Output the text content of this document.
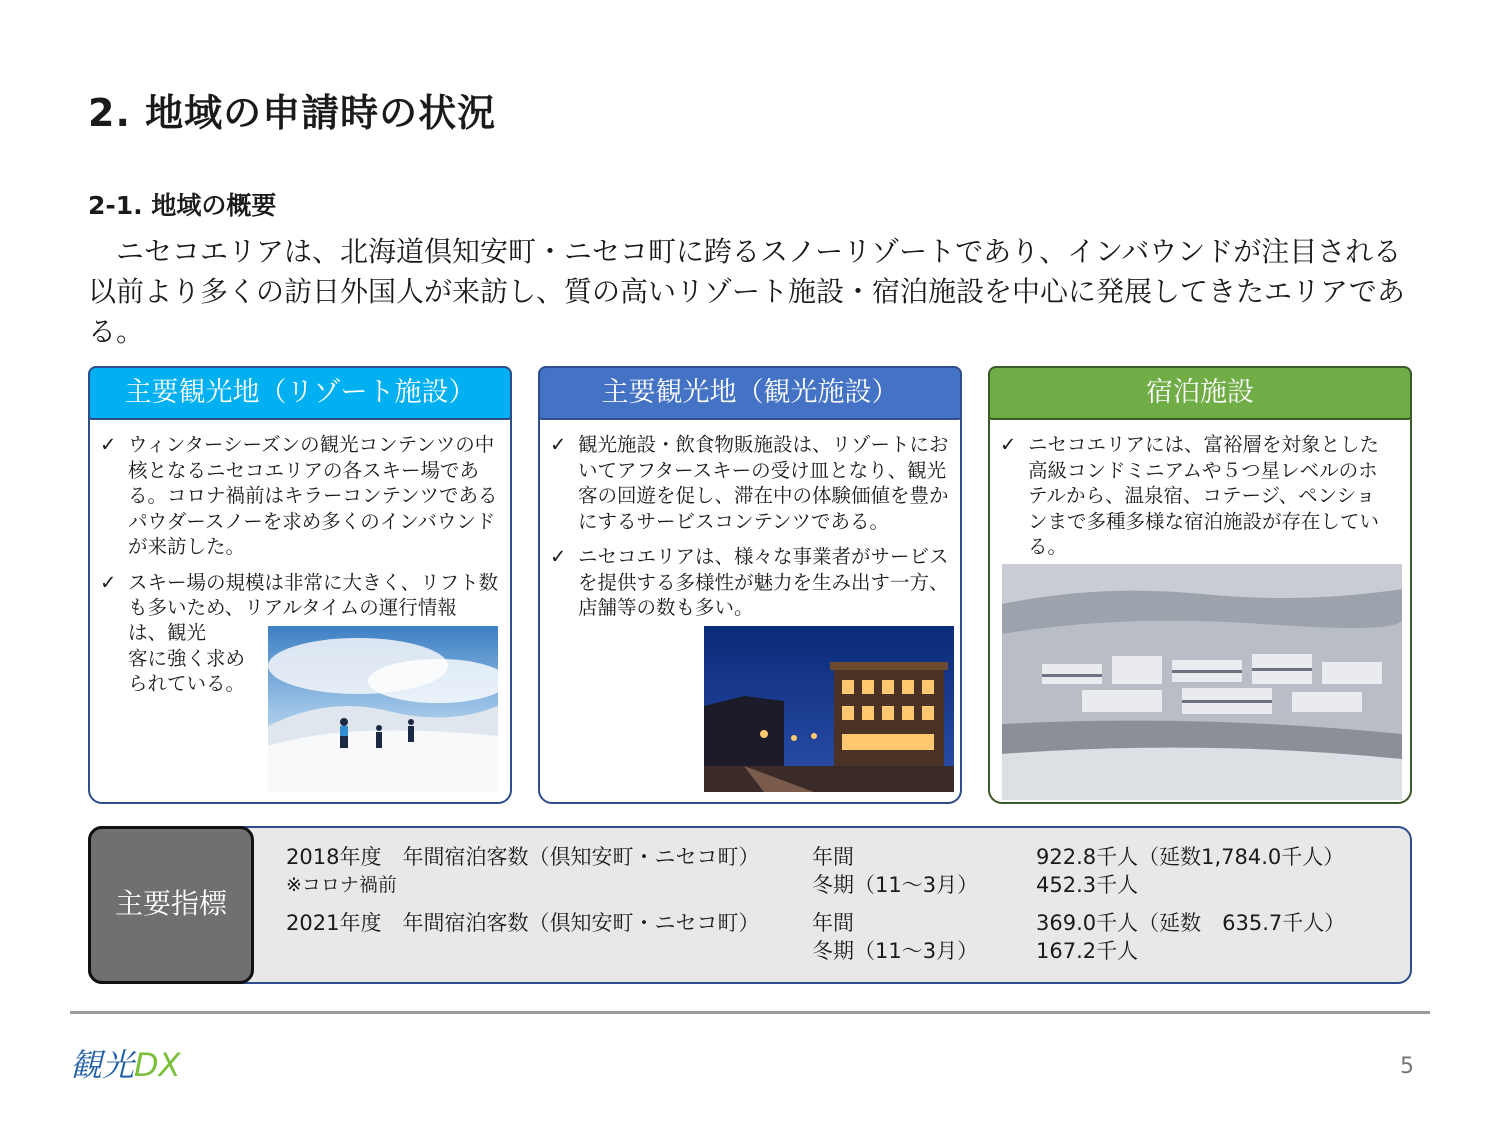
2. 地域の申請時の状況
2-1. 地域の概要
ニセコエリアは、北海道倶知安町・ニセコ町に跨るスノーリゾートであり、インバウンドが注目される以前より多くの訪日外国人が来訪し、質の高いリゾート施設・宿泊施設を中心に発展してきたエリアである。
主要観光地（リゾート施設）
✓ ウィンターシーズンの観光コンテンツの中核となるニセコエリアの各スキー場である。コロナ禍前はキラーコンテンツであるパウダースノーを求め多くのインバウンドが来訪した。
✓ スキー場の規模は非常に大きく、リフト数も多いため、リアルタイムの運行情報
は、観光
客に強く求め
られている。
主要観光地（観光施設）
✓ 観光施設・飲食物販施設は、リゾートにおいてアフタースキーの受け皿となり、観光客の回遊を促し、滞在中の体験価値を豊かにするサービスコンテンツである。
✓ ニセコエリアは、様々な事業者がサービスを提供する多様性が魅力を生み出す一方、店舗等の数も多い。
宿泊施設
✓ ニセコエリアには、富裕層を対象とした高級コンドミニアムや５つ星レベルのホテルから、温泉宿、コテージ、ペンションまで多種多様な宿泊施設が存在している。
主要指標
2018年度　年間宿泊客数（倶知安町・ニセコ町）
※コロナ禍前
年間
冬期（11～3月）
922.8千人（延数1,784.0千人）
452.3千人
2021年度　年間宿泊客数（倶知安町・ニセコ町）	年間
冬期（11～3月）
369.0千人（延数　635.7千人）
167.2千人
観光 DX	5
